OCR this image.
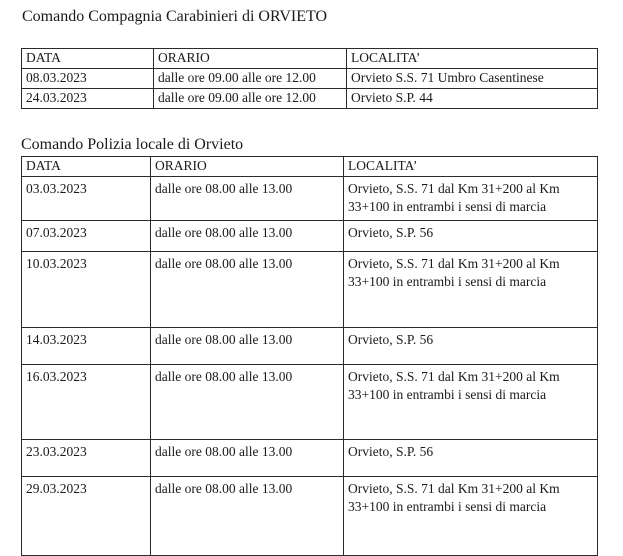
Comando Compagnia Carabinieri di ORVIETO
DATA	ORARIO	LOCALITA’
08.03.2023	dalle ore 09.00 alle ore 12.00	Orvieto S.S. 71 Umbro Casentinese
24.03.2023	dalle ore 09.00 alle ore 12.00	Orvieto S.P. 44
Comando Polizia locale di Orvieto
DATA	ORARIO	LOCALITA’
03.03.2023	dalle ore 08.00 alle 13.00	Orvieto, S.S. 71 dal Km 31+200 al Km 33+100 in entrambi i sensi di marcia
07.03.2023	dalle ore 08.00 alle 13.00	Orvieto, S.P. 56
10.03.2023	dalle ore 08.00 alle 13.00	Orvieto, S.S. 71 dal Km 31+200 al Km 33+100 in entrambi i sensi di marcia
14.03.2023	dalle ore 08.00 alle 13.00	Orvieto, S.P. 56
16.03.2023	dalle ore 08.00 alle 13.00	Orvieto, S.S. 71 dal Km 31+200 al Km 33+100 in entrambi i sensi di marcia
23.03.2023	dalle ore 08.00 alle 13.00	Orvieto, S.P. 56
29.03.2023	dalle ore 08.00 alle 13.00	Orvieto, S.S. 71 dal Km 31+200 al Km 33+100 in entrambi i sensi di marcia
